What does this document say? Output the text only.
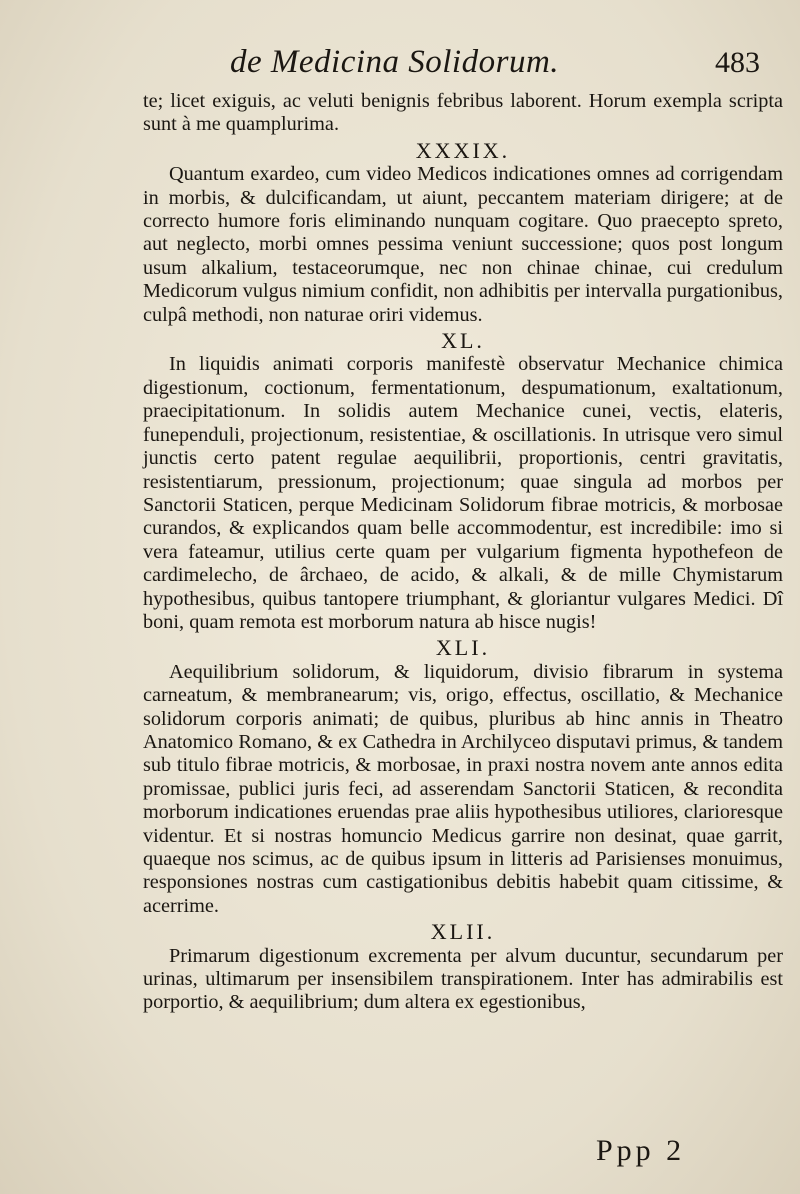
de Medicina Solidorum.	483

te; licet exiguis, ac veluti benignis febribus laborent. Horum exempla scripta sunt à me quamplurima.

XXXIX.

Quantum exardeo, cum video Medicos indicationes omnes ad corrigendam in morbis, & dulcificandam, ut aiunt, peccantem materiam dirigere; at de correcto humore foris eliminando nunquam cogitare. Quo praecepto spreto, aut neglecto, morbi omnes pessima veniunt successione; quos post longum usum alkalium, testaceorumque, nec non chinae chinae, cui credulum Medicorum vulgus nimium confidit, non adhibitis per intervalla purgationibus, culpâ methodi, non naturae oriri videmus.

XL.

In liquidis animati corporis manifestè observatur Mechanice chimica digestionum, coctionum, fermentationum, despumationum, exaltationum, praecipitationum. In solidis autem Mechanice cunei, vectis, elateris, funependuli, projectionum, resistentiae, & oscillationis. In utrisque vero simul junctis certo patent regulae aequilibrii, proportionis, centri gravitatis, resistentiarum, pressionum, projectionum; quae singula ad morbos per Sanctorii Staticen, perque Medicinam Solidorum fibrae motricis, & morbosae curandos, & explicandos quam belle accommodentur, est incredibile: imo si vera fateamur, utilius certe quam per vulgarium figmenta hypothefeon de cardimelecho, de ârchaeo, de acido, & alkali, & de mille Chymistarum hypothesibus, quibus tantopere triumphant, & gloriantur vulgares Medici. Dî boni, quam remota est morborum natura ab hisce nugis!

XLI.

Aequilibrium solidorum, & liquidorum, divisio fibrarum in systema carneatum, & membranearum; vis, origo, effectus, oscillatio, & Mechanice solidorum corporis animati; de quibus, pluribus ab hinc annis in Theatro Anatomico Romano, & ex Cathedra in Archilyceo disputavi primus, & tandem sub titulo fibrae motricis, & morbosae, in praxi nostra novem ante annos edita promissae, publici juris feci, ad asserendam Sanctorii Staticen, & recondita morborum indicationes eruendas prae aliis hypothesibus utiliores, clarioresque videntur. Et si nostras homuncio Medicus garrire non desinat, quae garrit, quaeque nos scimus, ac de quibus ipsum in litteris ad Parisienses monuimus, responsiones nostras cum castigationibus debitis habebit quam citissime, & acerrime.

XLII.

Primarum digestionum excrementa per alvum ducuntur, secundarum per urinas, ultimarum per insensibilem transpirationem. Inter has admirabilis est porportio, & aequilibrium; dum altera ex egestionibus,

Ppp 2
